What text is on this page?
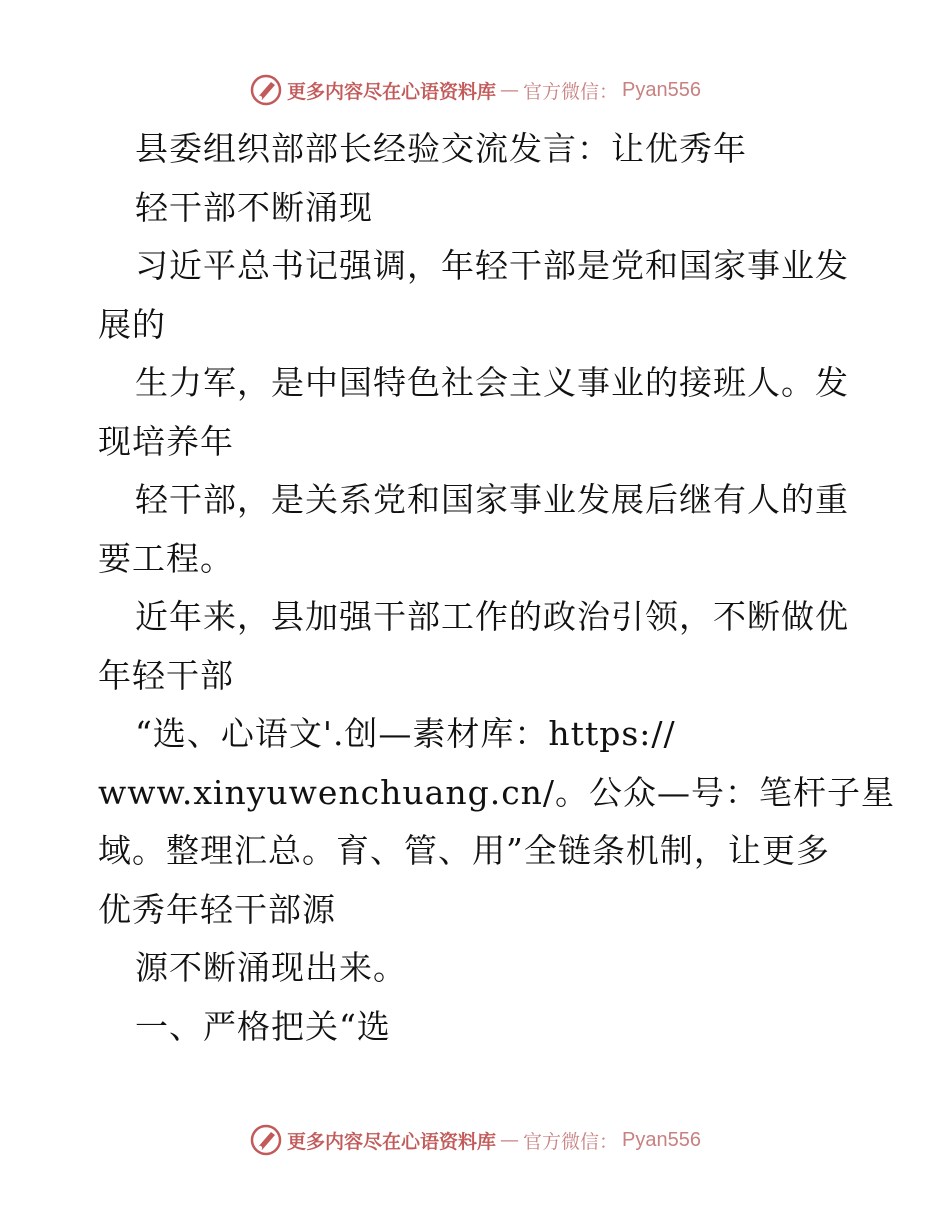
更多内容尽在心语资料库 — 官方微信： Pyan556
县委组织部部长经验交流发言：让优秀年
轻干部不断涌现
习近平总书记强调，年轻干部是党和国家事业发
展的
生力军，是中国特色社会主义事业的接班人。发
现培养年
轻干部，是关系党和国家事业发展后继有人的重
要工程。
近年来，县加强干部工作的政治引领，不断做优
年轻干部
“选、心语文'.创—素材库：https://
www.xinyuwenchuang.cn/。公众—号：笔杆子星
域。整理汇总。育、管、用”全链条机制，让更多
优秀年轻干部源
源不断涌现出来。
一、严格把关“选
更多内容尽在心语资料库 — 官方微信： Pyan556
